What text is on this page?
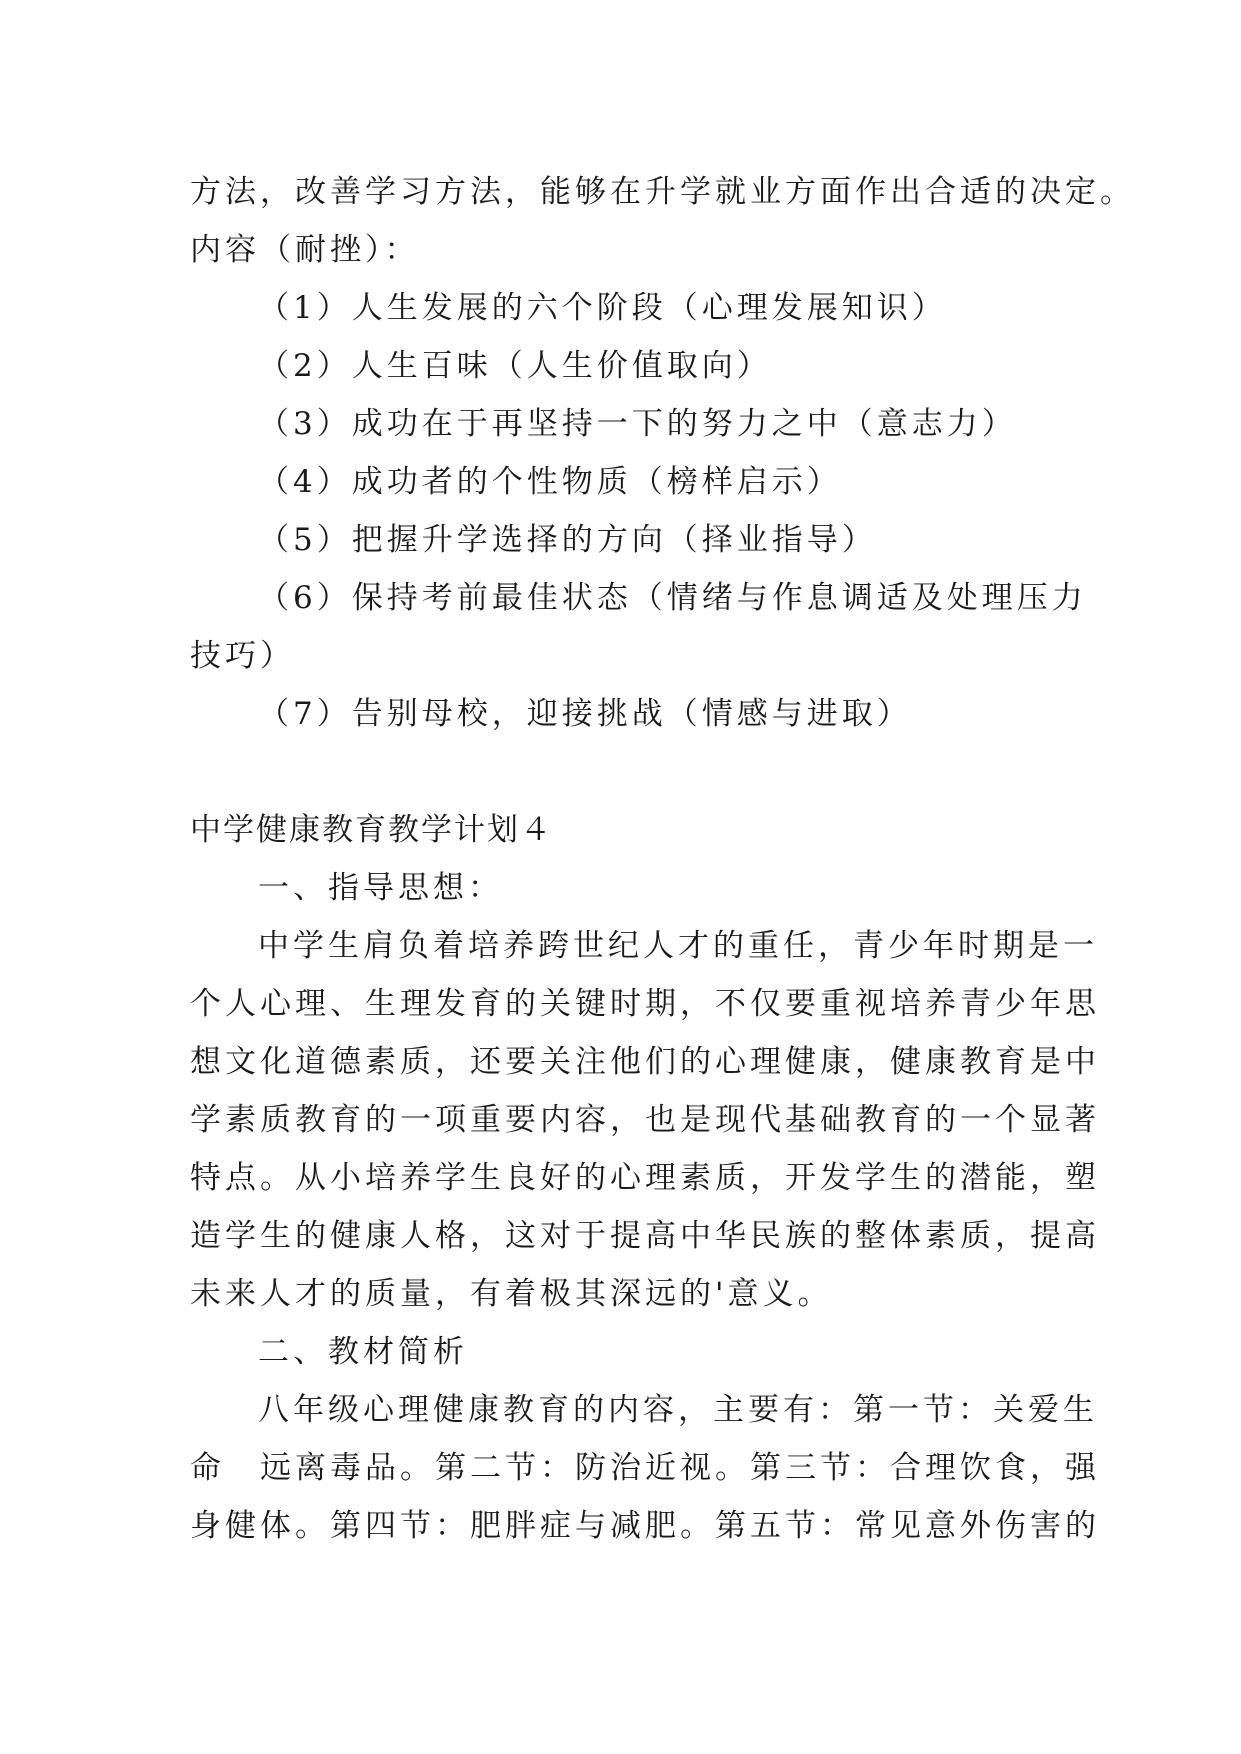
方法，改善学习方法，能够在升学就业方面作出合适的决定。
内容（耐挫）：
（1）人生发展的六个阶段（心理发展知识）
（2）人生百味（人生价值取向）
（3）成功在于再坚持一下的努力之中（意志力）
（4）成功者的个性物质（榜样启示）
（5）把握升学选择的方向（择业指导）
（6）保持考前最佳状态（情绪与作息调适及处理压力
技巧）
（7）告别母校，迎接挑战（情感与进取）
中学健康教育教学计划４
一、指导思想：
中学生肩负着培养跨世纪人才的重任，青少年时期是一
个人心理、生理发育的关键时期，不仅要重视培养青少年思
想文化道德素质，还要关注他们的心理健康，健康教育是中
学素质教育的一项重要内容，也是现代基础教育的一个显著
特点。从小培养学生良好的心理素质，开发学生的潜能，塑
造学生的健康人格，这对于提高中华民族的整体素质，提高
未来人才的质量，有着极其深远的'意义。
二、教材简析
八年级心理健康教育的内容，主要有：第一节：关爱生
命　远离毒品。第二节：防治近视。第三节：合理饮食，强
身健体。第四节：肥胖症与减肥。第五节：常见意外伤害的
